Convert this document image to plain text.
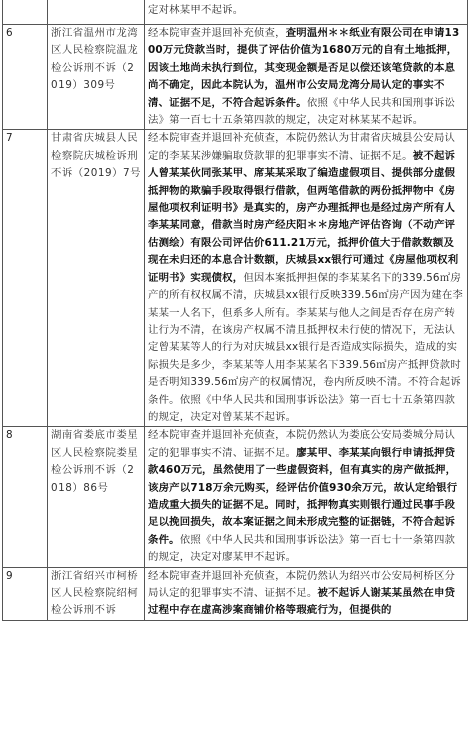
		定对林某甲不起诉。
6	浙江省温州市龙湾区人民检察院温龙检公诉刑不诉（2019）309号	经本院审查并退回补充侦查，查明温州＊＊纸业有限公司在申请1300万元贷款当时，提供了评估价值为1680万元的自有土地抵押，因该土地尚未执行到位，其变现金额是否足以偿还该笔贷款的本息尚不确定，因此本院认为，温州市公安局龙湾分局认定的事实不清、证据不足，不符合起诉条件。依照《中华人民共和国刑事诉讼法》第一百七十五条第四款的规定，决定对林某某不起诉。
7	甘肃省庆城县人民检察院庆城检诉刑不诉（2019）7号	经本院审查并退回补充侦查，本院仍然认为甘肃省庆城县公安局认定的李某某涉嫌骗取贷款罪的犯罪事实不清、证据不足。被不起诉人曾某某伙同张某甲、席某某采取了编造虚假项目、提供部分虚假抵押物的欺骗手段取得银行借款，但两笔借款的两份抵押物中《房屋他项权利证明书》是真实的，房产办理抵押也是经过房产所有人李某某同意，借款当时房产经庆阳＊＊房地产评估咨询（不动产评估测绘）有限公司评估价611.21万元，抵押价值大于借款数额及现在未归还的本息合计数额，庆城县xx银行可通过《房屋他项权利证明书》实现债权，但因本案抵押担保的李某某名下的339.56㎡房产的所有权权属不清，庆城县xx银行反映339.56㎡房产因为建在李某某一人名下，但系多人所有。李某某与他人之间是否存在房产转让行为不清，在该房产权属不清且抵押权未行使的情况下，无法认定曾某某等人的行为对庆城县xx银行是否造成实际损失，造成的实际损失是多少，李某某等人用李某某名下339.56㎡房产抵押贷款时是否明知339.56㎡房产的权属情况，卷内所反映不清。不符合起诉条件。依照《中华人民共和国刑事诉讼法》第一百七十五条第四款的规定，决定对曾某某不起诉。
8	湖南省娄底市娄星区人民检察院娄星检公诉刑不诉（2018）86号	经本院审查并退回补充侦查，本院仍然认为娄底公安局娄城分局认定的犯罪事实不清、证据不足。廖某甲、李某某向银行申请抵押贷款460万元，虽然使用了一些虚假资料，但有真实的房产做抵押，该房产以718万余元购买，经评估价值930余万元，故认定给银行造成重大损失的证据不足。同时，抵押物真实则银行通过民事手段足以挽回损失，故本案证据之间未形成完整的证据链，不符合起诉条件。依照《中华人民共和国刑事诉讼法》第一百七十一条第四款的规定，决定对廖某甲不起诉。
9	浙江省绍兴市柯桥区人民检察院绍柯检公诉刑不诉	经本院审查并退回补充侦查，本院仍然认为绍兴市公安局柯桥区分局认定的犯罪事实不清、证据不足。被不起诉人谢某某虽然在申贷过程中存在虚高涉案商铺价格等瑕疵行为，但提供的
